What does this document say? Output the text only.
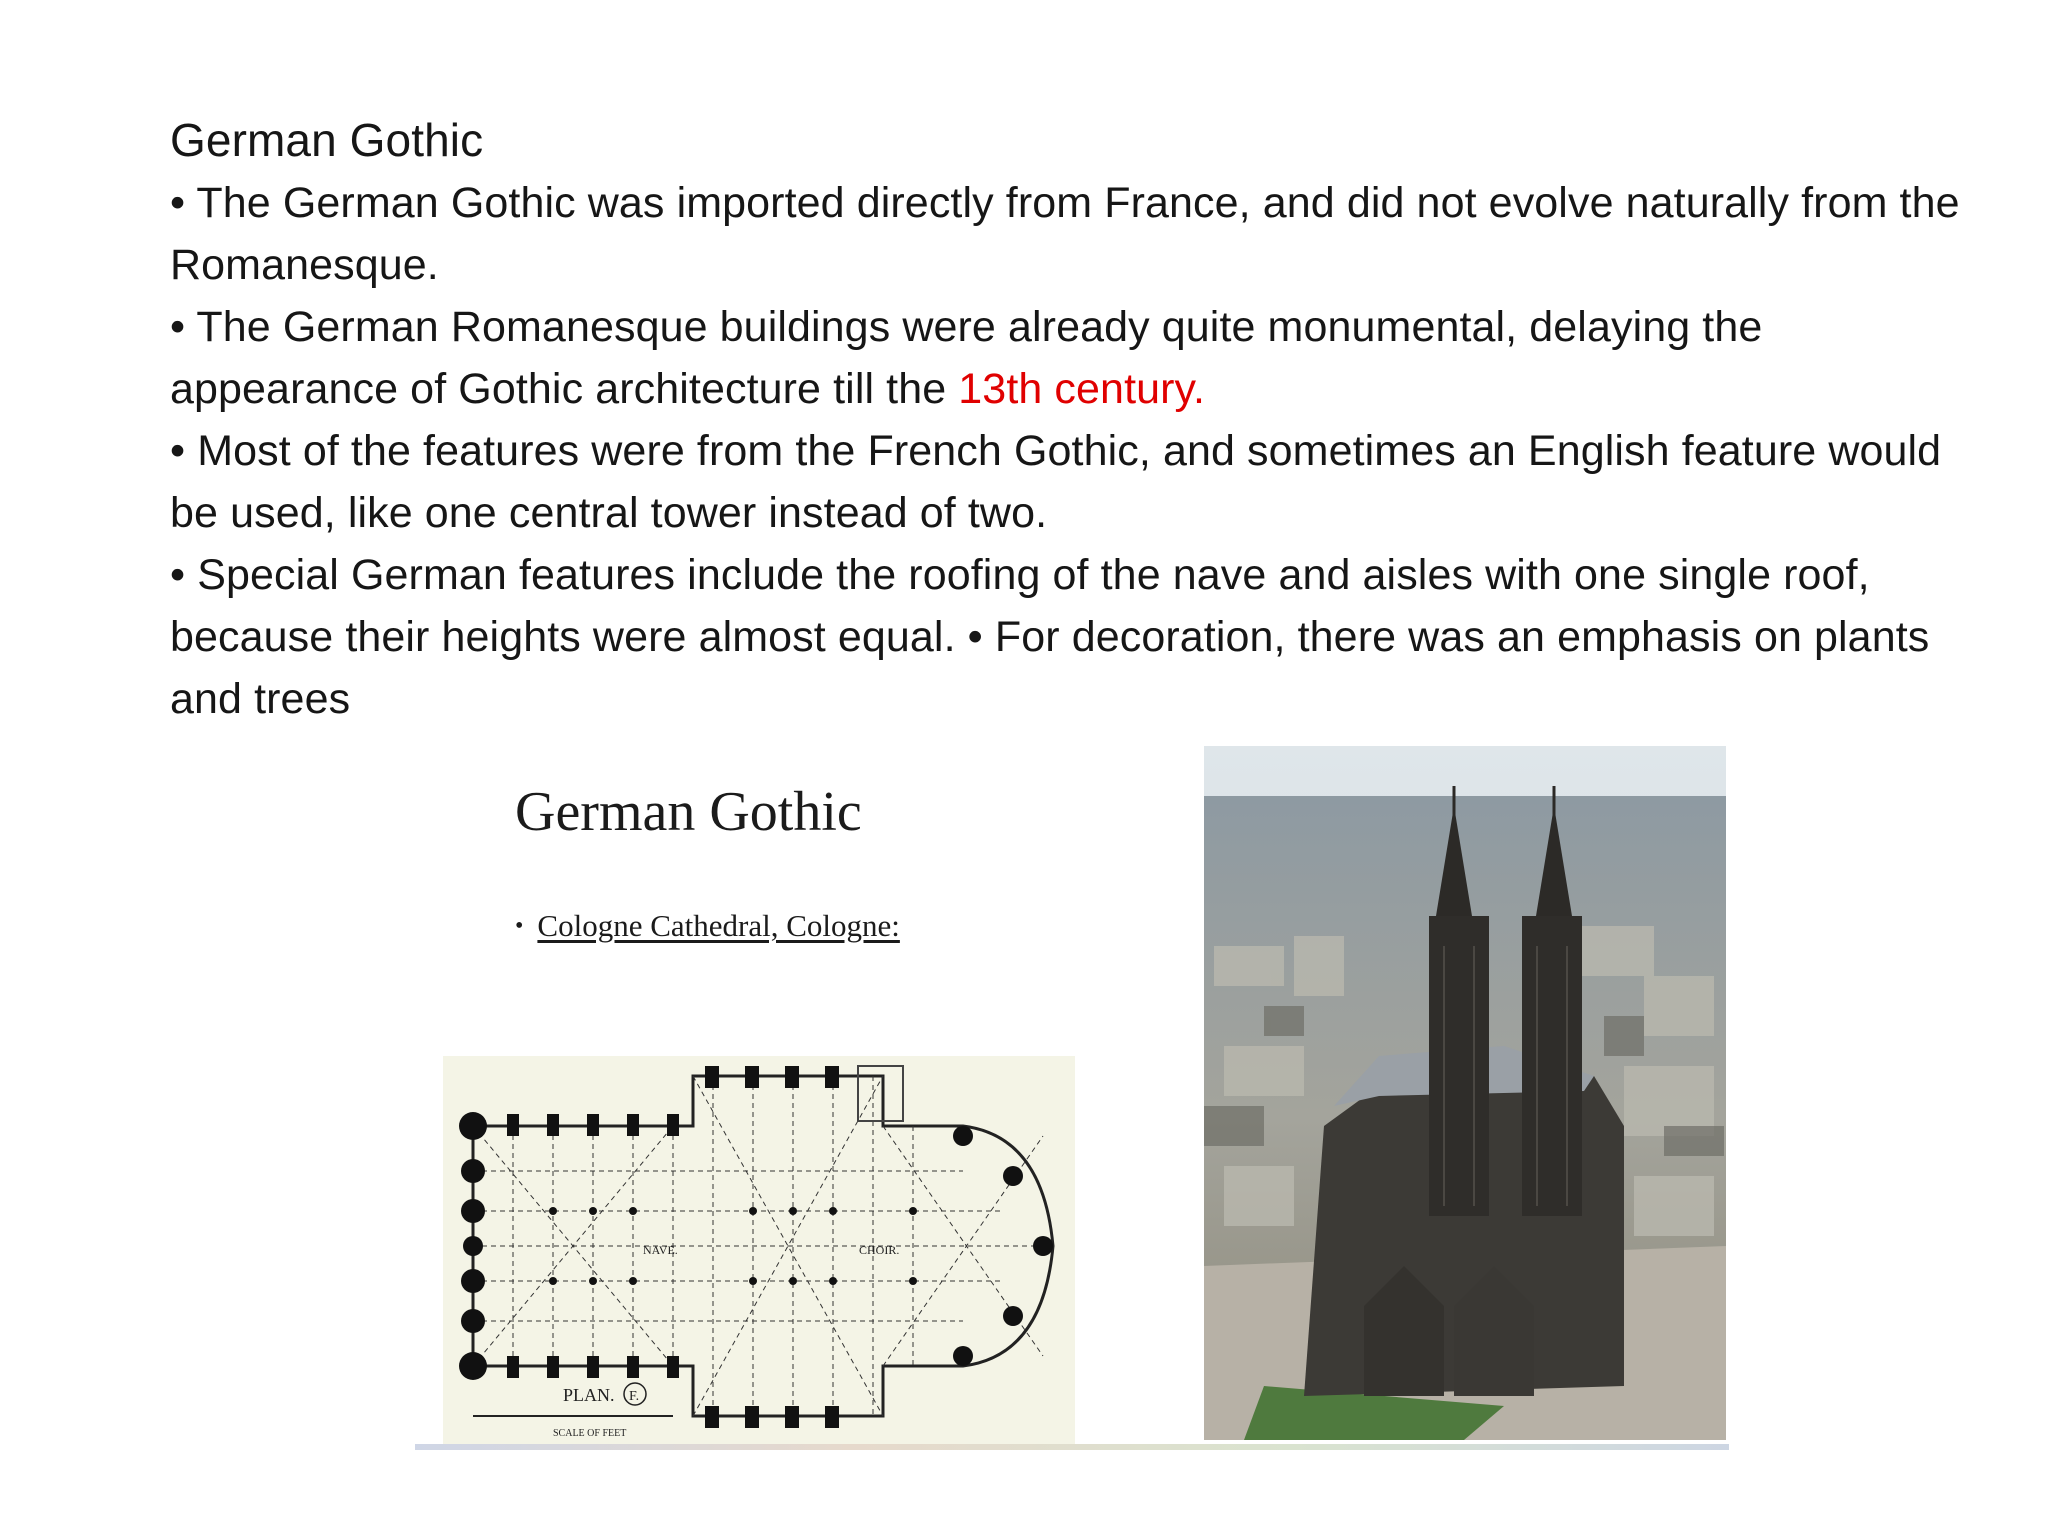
German Gothic

• The German Gothic was imported directly from France, and did not evolve naturally from the Romanesque.

• The German Romanesque buildings were already quite monumental, delaying the appearance of Gothic architecture till the 13th century.

• Most of the features were from the French Gothic, and sometimes an English feature would be used, like one central tower instead of two.

• Special German features include the roofing of the nave and aisles with one single roof, because their heights were almost equal. • For decoration, there was an emphasis on plants and trees

German Gothic
• Cologne Cathedral, Cologne:
NAVE.	CHOIR.
PLAN. F.
SCALE OF FEET
